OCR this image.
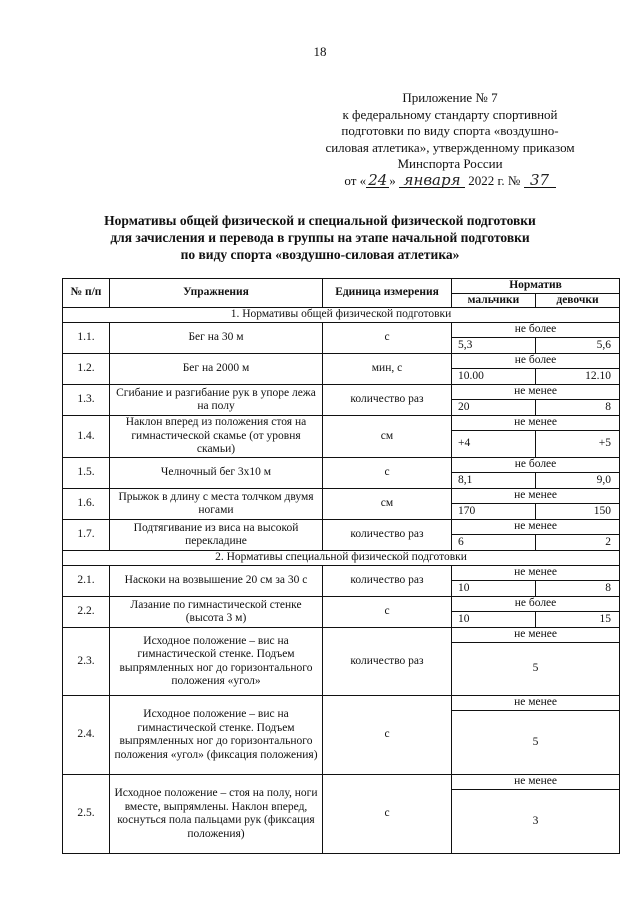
18
Приложение № 7
к федеральному стандарту спортивной
подготовки по виду спорта «воздушно-
силовая атлетика», утвержденному приказом
Минспорта России
от « 24 » января 2022 г. № 37
Нормативы общей физической и специальной физической подготовки
для зачисления и перевода в группы на этапе начальной подготовки
по виду спорта «воздушно-силовая атлетика»
№ п/п	Упражнения	Единица измерения	Норматив	
			мальчики	девочки
1. Нормативы общей физической подготовки				
1.1.	Бег на 30 м	с	не более	
			5,3	5,6
1.2.	Бег на 2000 м	мин, с	не более	
			10.00	12.10
1.3.	Сгибание и разгибание рук в упоре лежа на полу	количество раз	не менее	
			20	8
1.4.	Наклон вперед из положения стоя на гимнастической скамье (от уровня скамьи)	см	не менее	
			+4	+5
1.5.	Челночный бег 3х10 м	с	не более	
			8,1	9,0
1.6.	Прыжок в длину с места толчком двумя ногами	см	не менее	
			170	150
1.7.	Подтягивание из виса на высокой перекладине	количество раз	не менее	
			6	2
2. Нормативы специальной физической подготовки				
2.1.	Наскоки на возвышение 20 см за 30 с	количество раз	не менее	
			10	8
2.2.	Лазание по гимнастической стенке (высота 3 м)	с	не более	
			10	15
2.3.	Исходное положение – вис на гимнастической стенке. Подъем выпрямленных ног до горизонтального положения «угол»	количество раз	не менее	
			5	
2.4.	Исходное положение – вис на гимнастической стенке. Подъем выпрямленных ног до горизонтального положения «угол» (фиксация положения)	с	не менее	
			5	
2.5.	Исходное положение – стоя на полу, ноги вместе, выпрямлены. Наклон вперед, коснуться пола пальцами рук (фиксация положения)	с	не менее	
			3	
